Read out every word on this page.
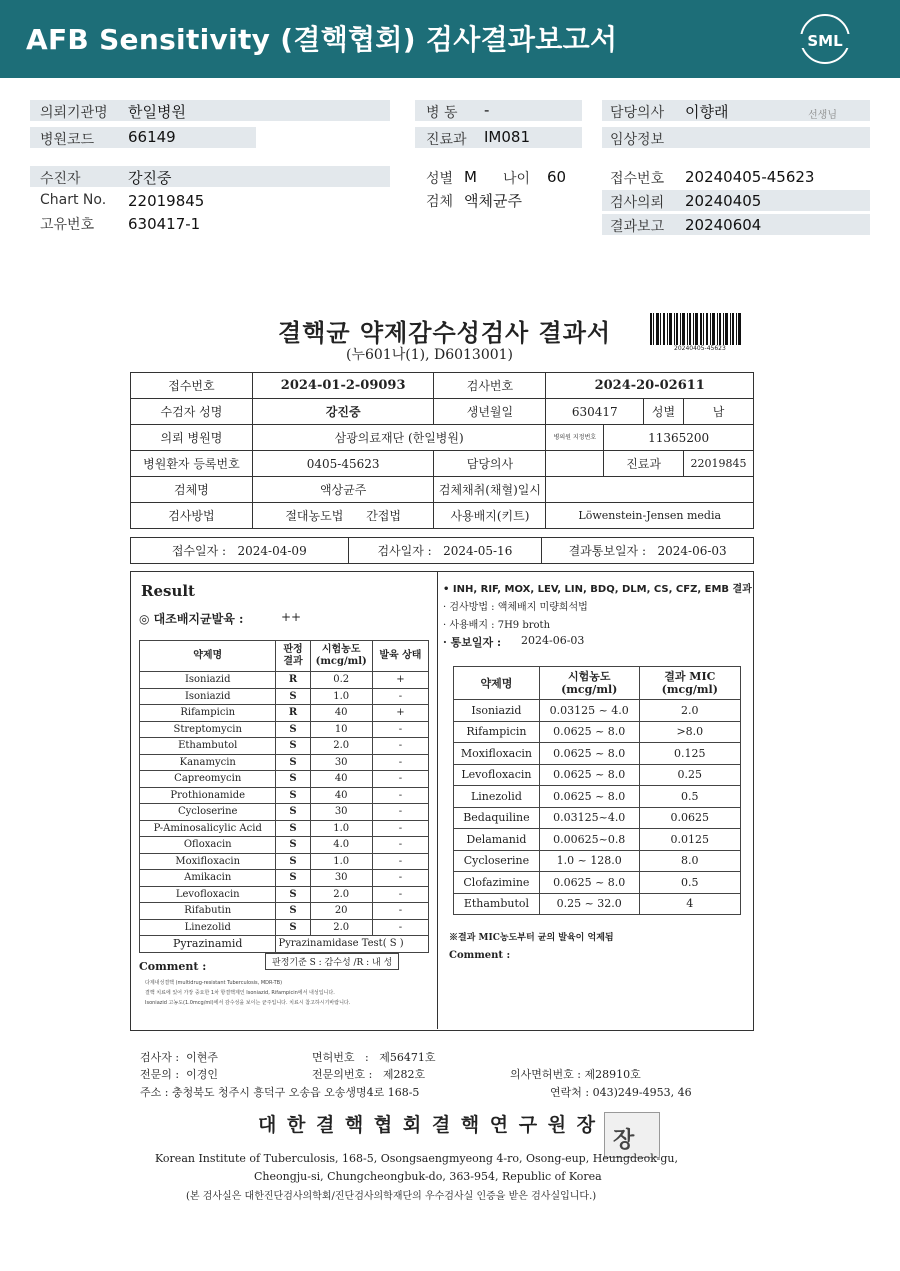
AFB Sensitivity (결핵협회) 검사결과보고서	SML
의뢰기관명 한일병원
병원코드 66149
병 동 -
진료과 IM081
담당의사 이향래	선생님
임상정보
수진자	강진중
Chart No. 22019845
고유번호 630417-1
성별 M 나이 60
검체 액체균주
접수번호 20240405-45623
검사의뢰 20240405
결과보고 20240604
결핵균 약제감수성검사 결과서
(누601나(1), D6013001)	20240405-45623
접수번호	2024-01-2-09093	검사번호	2024-20-02611			
수검자 성명	강진중	생년월일	630417		성별	남
의뢰 병원명	삼광의료재단 (한일병원)		병의원 지정번호	11365200		
병원환자 등록번호	0405-45623	담당의사		진료과		22019845
검체명	액상균주	검체채취(채혈)일시				
검사방법	절대농도법 간접법	사용배지(키트)	Löwenstein-Jensen media			
접수일자 : 2024-04-09	검사일자 : 2024-05-16	결과통보일자 : 2024-06-03
Result
◎ 대조배지균발육 :	++
약제명	판정 결과	시험농도 (mcg/ml)	발육 상태
Isoniazid	R	0.2	+
Isoniazid	S	1.0	-
Rifampicin	R	40	+
Streptomycin	S	10	-
Ethambutol	S	2.0	-
Kanamycin	S	30	-
Capreomycin	S	40	-
Prothionamide	S	40	-
Cycloserine	S	30	-
P-Aminosalicylic Acid	S	1.0	-
Ofloxacin	S	4.0	-
Moxifloxacin	S	1.0	-
Amikacin	S	30	-
Levofloxacin	S	2.0	-
Rifabutin	S	20	-
Linezolid	S	2.0	-
Pyrazinamid	Pyrazinamidase Test( S )		
판정기준 S : 감수성 /R : 내 성
Comment :
다제내성결핵 (multidrug-resistant Tuberculosis, MDR-TB)
결핵 치료에 있어 가장 중요한 1차 항결핵제인 Isoniazid, Rifampicin에서 내성입니다.
Isoniazid 고농도(1.0mcg/ml)에서 감수성을 보이는 균주입니다. 치료시 참고하시기바랍니다.
• INH, RIF, MOX, LEV, LIN, BDQ, DLM, CS, CFZ, EMB 결과
· 검사방법 : 액체배지 미량희석법
· 사용배지 : 7H9 broth
· 통보일자 : 2024-06-03
약제명	시험농도 (mcg/ml)	결과 MIC (mcg/ml)
Isoniazid	0.03125 ~ 4.0	2.0
Rifampicin	0.0625 ~ 8.0	>8.0
Moxifloxacin	0.0625 ~ 8.0	0.125
Levofloxacin	0.0625 ~ 8.0	0.25
Linezolid	0.0625 ~ 8.0	0.5
Bedaquiline	0.03125~4.0	0.0625
Delamanid	0.00625~0.8	0.0125
Cycloserine	1.0 ~ 128.0	8.0
Clofazimine	0.0625 ~ 8.0	0.5
Ethambutol	0.25 ~ 32.0	4
※결과 MIC농도부터 균의 발육이 억제됨
Comment :
검사자 : 이현주	면허번호 : 제56471호
전문의 : 이경인	전문의번호 : 제282호	의사면허번호 : 제28910호
주소 : 충청북도 청주시 흥덕구 오송읍 오송생명4로 168-5	연락처 : 043)249-4953, 46
대 한 결 핵 협 회 결 핵 연 구 원 장
장
Korean Institute of Tuberculosis, 168-5, Osongsaengmyeong 4-ro, Osong-eup, Heungdeok-gu,
Cheongju-si, Chungcheongbuk-do, 363-954, Republic of Korea
(본 검사실은 대한진단검사의학회/진단검사의학재단의 우수검사실 인증을 받은 검사실입니다.)
